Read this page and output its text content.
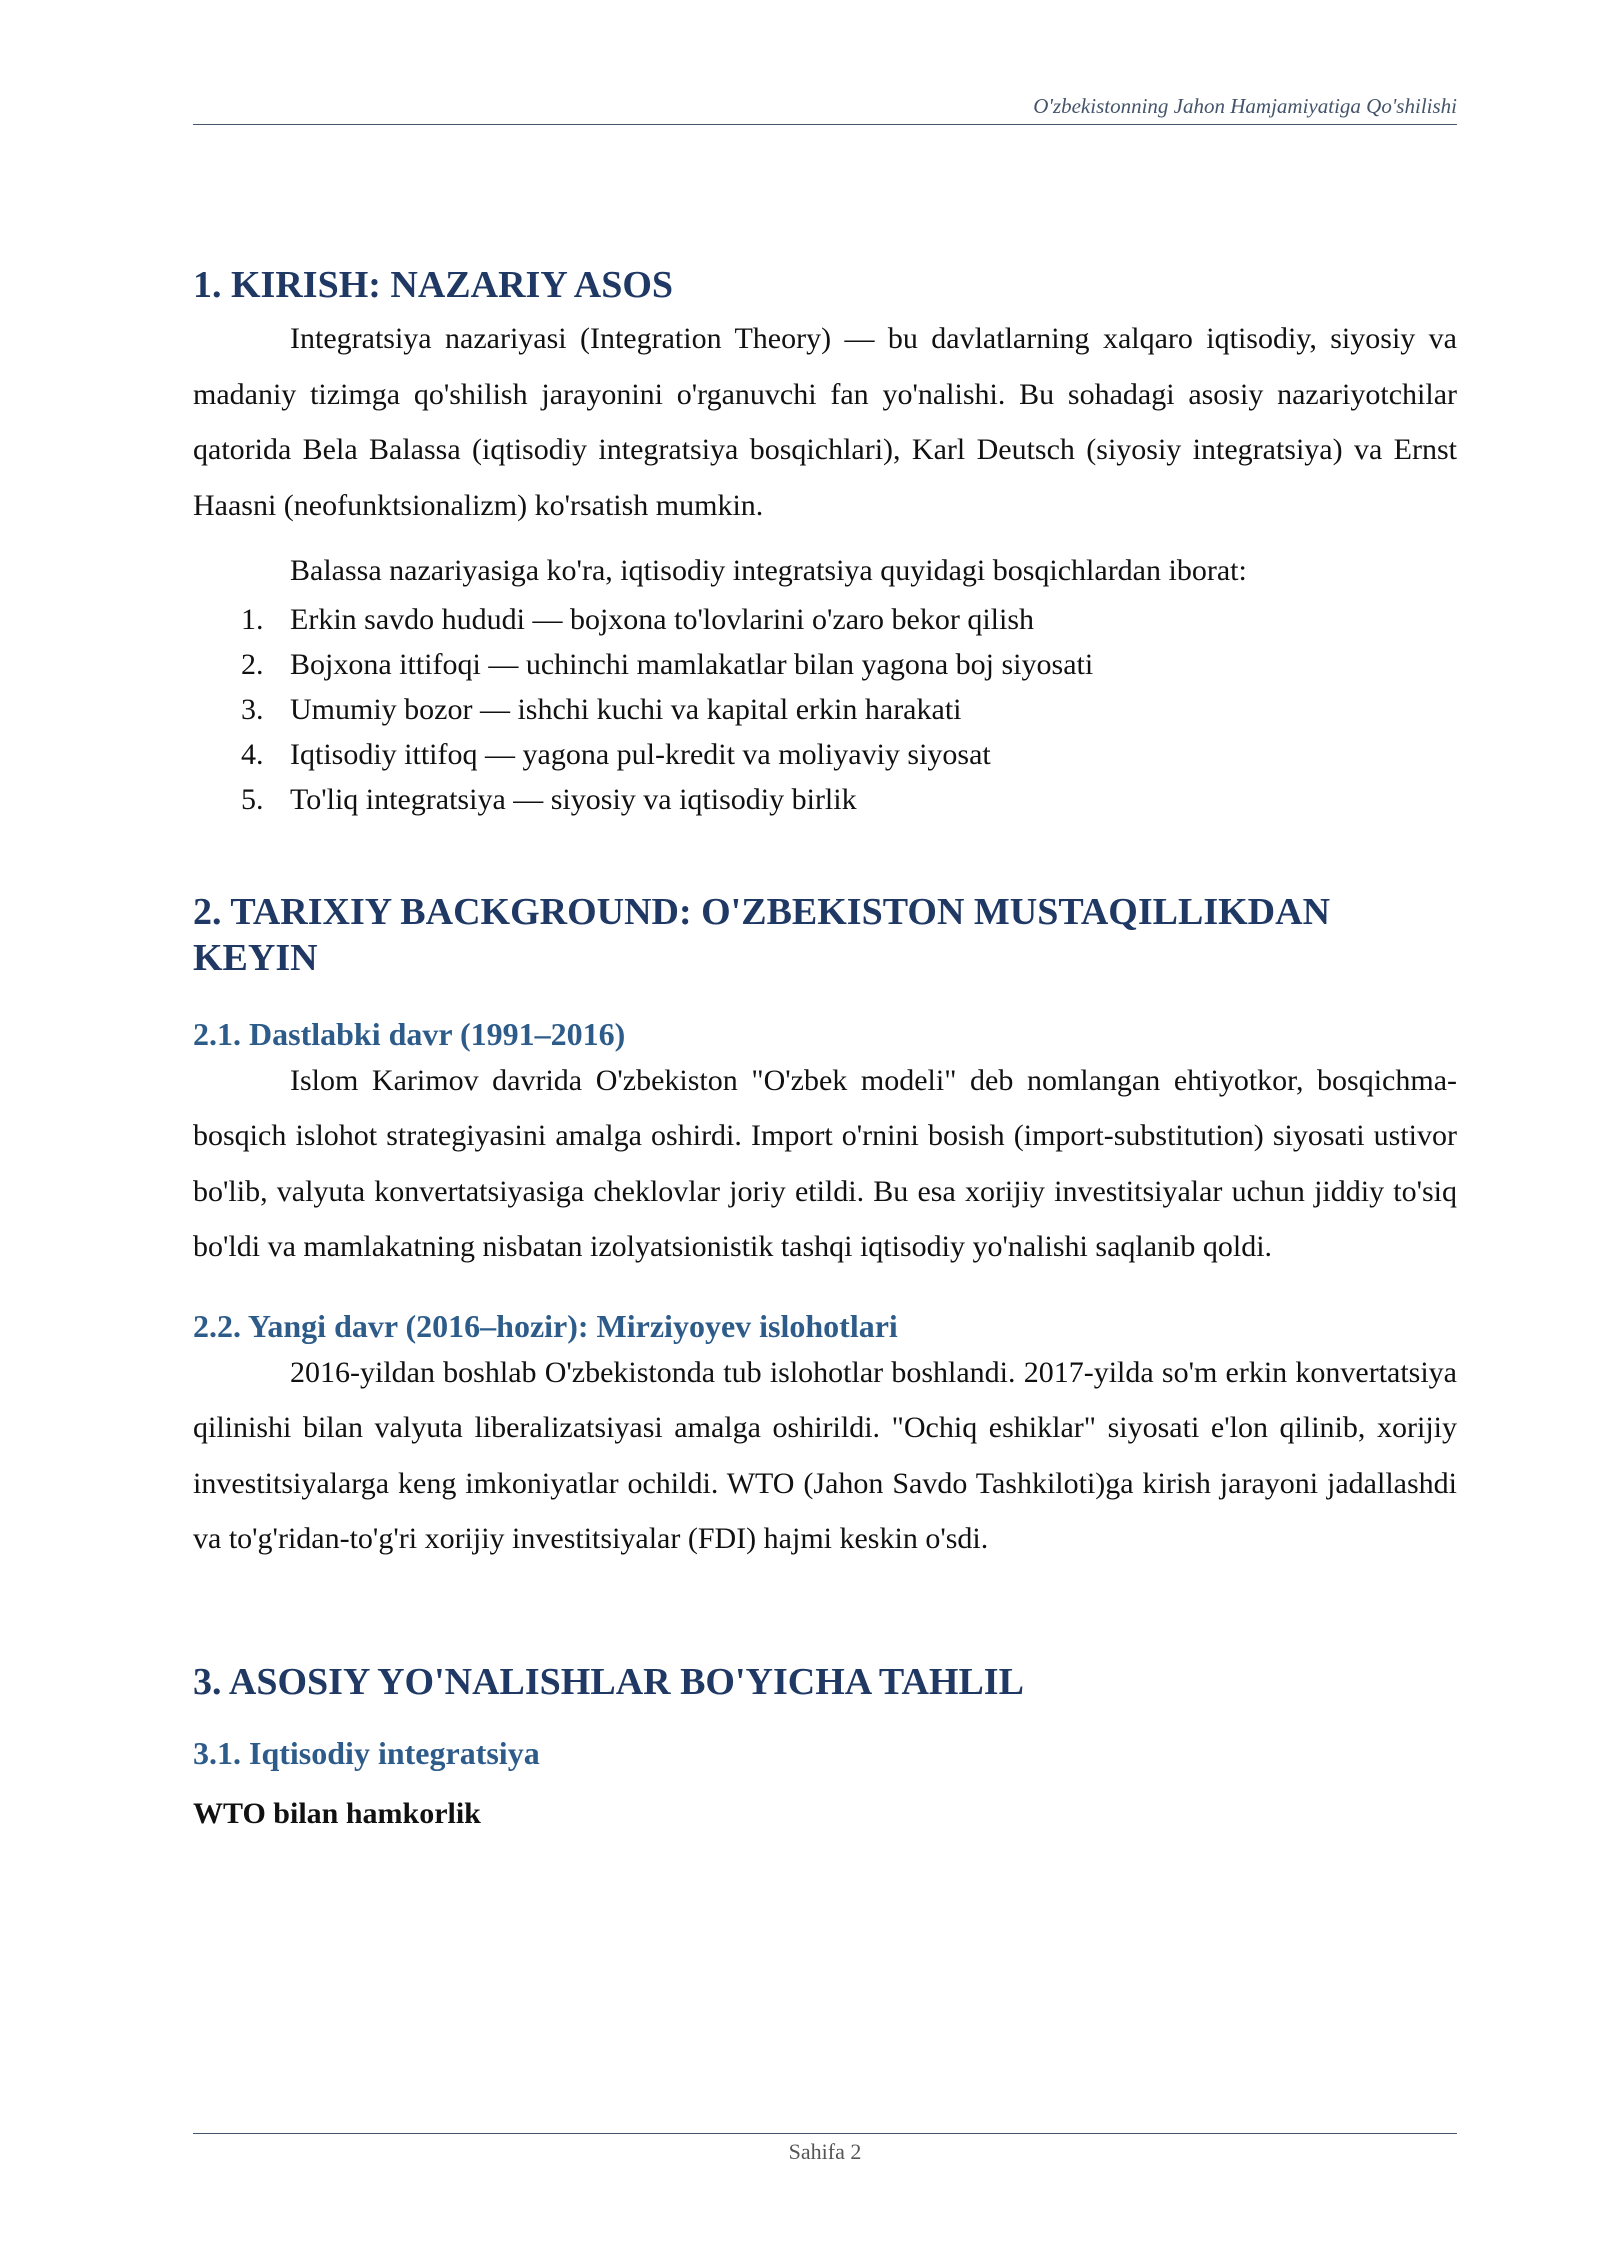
O'zbekistonning Jahon Hamjamiyatiga Qo'shilishi
1. KIRISH: NAZARIY ASOS

Integratsiya nazariyasi (Integration Theory) — bu davlatlarning xalqaro iqtisodiy, siyosiy va madaniy tizimga qo'shilish jarayonini o'rganuvchi fan yo'nalishi. Bu sohadagi asosiy nazariyotchilar qatorida Bela Balassa (iqtisodiy integratsiya bosqichlari), Karl Deutsch (siyosiy integratsiya) va Ernst Haasni (neofunktsionalizm) ko'rsatish mumkin.

Balassa nazariyasiga ko'ra, iqtisodiy integratsiya quyidagi bosqichlardan iborat:

1. Erkin savdo hududi — bojxona to'lovlarini o'zaro bekor qilish
2. Bojxona ittifoqi — uchinchi mamlakatlar bilan yagona boj siyosati
3. Umumiy bozor — ishchi kuchi va kapital erkin harakati
4. Iqtisodiy ittifoq — yagona pul-kredit va moliyaviy siyosat
5. To'liq integratsiya — siyosiy va iqtisodiy birlik
2. TARIXIY BACKGROUND: O'ZBEKISTON MUSTAQILLIKDAN KEYIN
2.1. Dastlabki davr (1991–2016)

Islom Karimov davrida O'zbekiston "O'zbek modeli" deb nomlangan ehtiyotkor, bosqichma-bosqich islohot strategiyasini amalga oshirdi. Import o'rnini bosish (import-substitution) siyosati ustivor bo'lib, valyuta konvertatsiyasiga cheklovlar joriy etildi. Bu esa xorijiy investitsiyalar uchun jiddiy to'siq bo'ldi va mamlakatning nisbatan izolyatsionistik tashqi iqtisodiy yo'nalishi saqlanib qoldi.

2.2. Yangi davr (2016–hozir): Mirziyoyev islohotlari

2016-yildan boshlab O'zbekistonda tub islohotlar boshlandi. 2017-yilda so'm erkin konvertatsiya qilinishi bilan valyuta liberalizatsiyasi amalga oshirildi. "Ochiq eshiklar" siyosati e'lon qilinib, xorijiy investitsiyalarga keng imkoniyatlar ochildi. WTO (Jahon Savdo Tashkiloti)ga kirish jarayoni jadallashdi va to'g'ridan-to'g'ri xorijiy investitsiyalar (FDI) hajmi keskin o'sdi.

3. ASOSIY YO'NALISHLAR BO'YICHA TAHLIL
3.1. Iqtisodiy integratsiya
WTO bilan hamkorlik
Sahifa 2
